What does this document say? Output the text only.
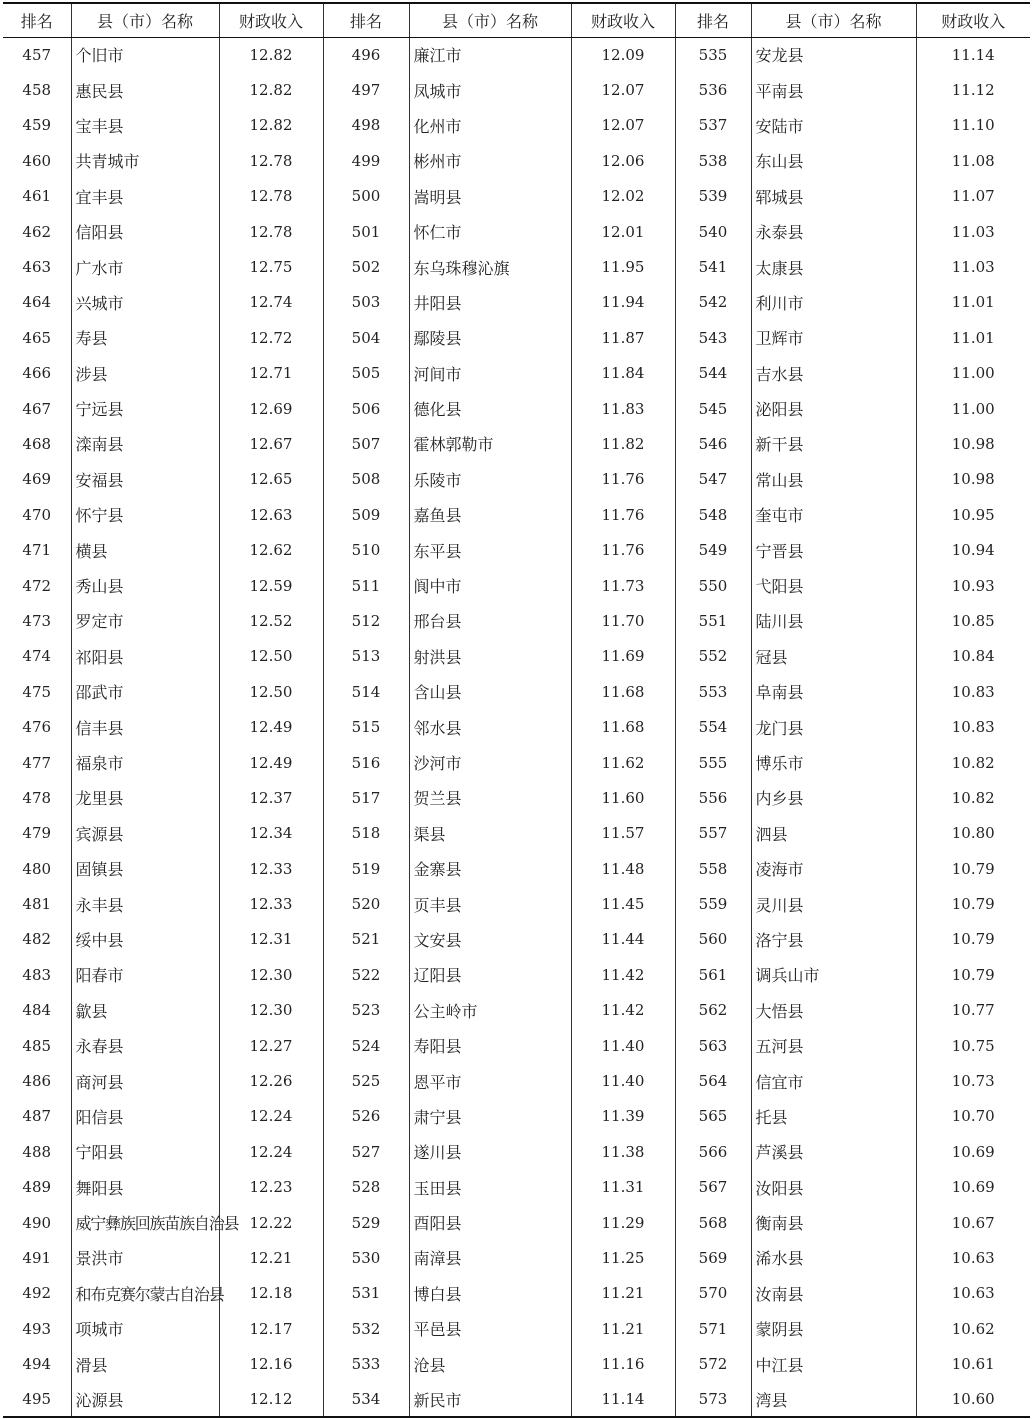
排名	县（市）名称	财政收入	排名	县（市）名称	财政收入	排名	县（市）名称	财政收入
457	个旧市	12.82	496	廉江市	12.09	535	安龙县	11.14
458	惠民县	12.82	497	凤城市	12.07	536	平南县	11.12
459	宝丰县	12.82	498	化州市	12.07	537	安陆市	11.10
460	共青城市	12.78	499	彬州市	12.06	538	东山县	11.08
461	宜丰县	12.78	500	嵩明县	12.02	539	郓城县	11.07
462	信阳县	12.78	501	怀仁市	12.01	540	永泰县	11.03
463	广水市	12.75	502	东乌珠穆沁旗	11.95	541	太康县	11.03
464	兴城市	12.74	503	井阳县	11.94	542	利川市	11.01
465	寿县	12.72	504	鄢陵县	11.87	543	卫辉市	11.01
466	涉县	12.71	505	河间市	11.84	544	吉水县	11.00
467	宁远县	12.69	506	德化县	11.83	545	泌阳县	11.00
468	滦南县	12.67	507	霍林郭勒市	11.82	546	新干县	10.98
469	安福县	12.65	508	乐陵市	11.76	547	常山县	10.98
470	怀宁县	12.63	509	嘉鱼县	11.76	548	奎屯市	10.95
471	横县	12.62	510	东平县	11.76	549	宁晋县	10.94
472	秀山县	12.59	511	阆中市	11.73	550	弋阳县	10.93
473	罗定市	12.52	512	邢台县	11.70	551	陆川县	10.85
474	祁阳县	12.50	513	射洪县	11.69	552	冠县	10.84
475	邵武市	12.50	514	含山县	11.68	553	阜南县	10.83
476	信丰县	12.49	515	邻水县	11.68	554	龙门县	10.83
477	福泉市	12.49	516	沙河市	11.62	555	博乐市	10.82
478	龙里县	12.37	517	贺兰县	11.60	556	内乡县	10.82
479	宾源县	12.34	518	渠县	11.57	557	泗县	10.80
480	固镇县	12.33	519	金寨县	11.48	558	凌海市	10.79
481	永丰县	12.33	520	页丰县	11.45	559	灵川县	10.79
482	绥中县	12.31	521	文安县	11.44	560	洛宁县	10.79
483	阳春市	12.30	522	辽阳县	11.42	561	调兵山市	10.79
484	歙县	12.30	523	公主岭市	11.42	562	大悟县	10.77
485	永春县	12.27	524	寿阳县	11.40	563	五河县	10.75
486	商河县	12.26	525	恩平市	11.40	564	信宜市	10.73
487	阳信县	12.24	526	肃宁县	11.39	565	托县	10.70
488	宁阳县	12.24	527	遂川县	11.38	566	芦溪县	10.69
489	舞阳县	12.23	528	玉田县	11.31	567	汝阳县	10.69
490	威宁彝族回族苗族自治县	12.22	529	酉阳县	11.29	568	衡南县	10.67
491	景洪市	12.21	530	南漳县	11.25	569	浠水县	10.63
492	和布克赛尔蒙古自治县	12.18	531	博白县	11.21	570	汝南县	10.63
493	项城市	12.17	532	平邑县	11.21	571	蒙阴县	10.62
494	滑县	12.16	533	沧县	11.16	572	中江县	10.61
495	沁源县	12.12	534	新民市	11.14	573	湾县	10.60
